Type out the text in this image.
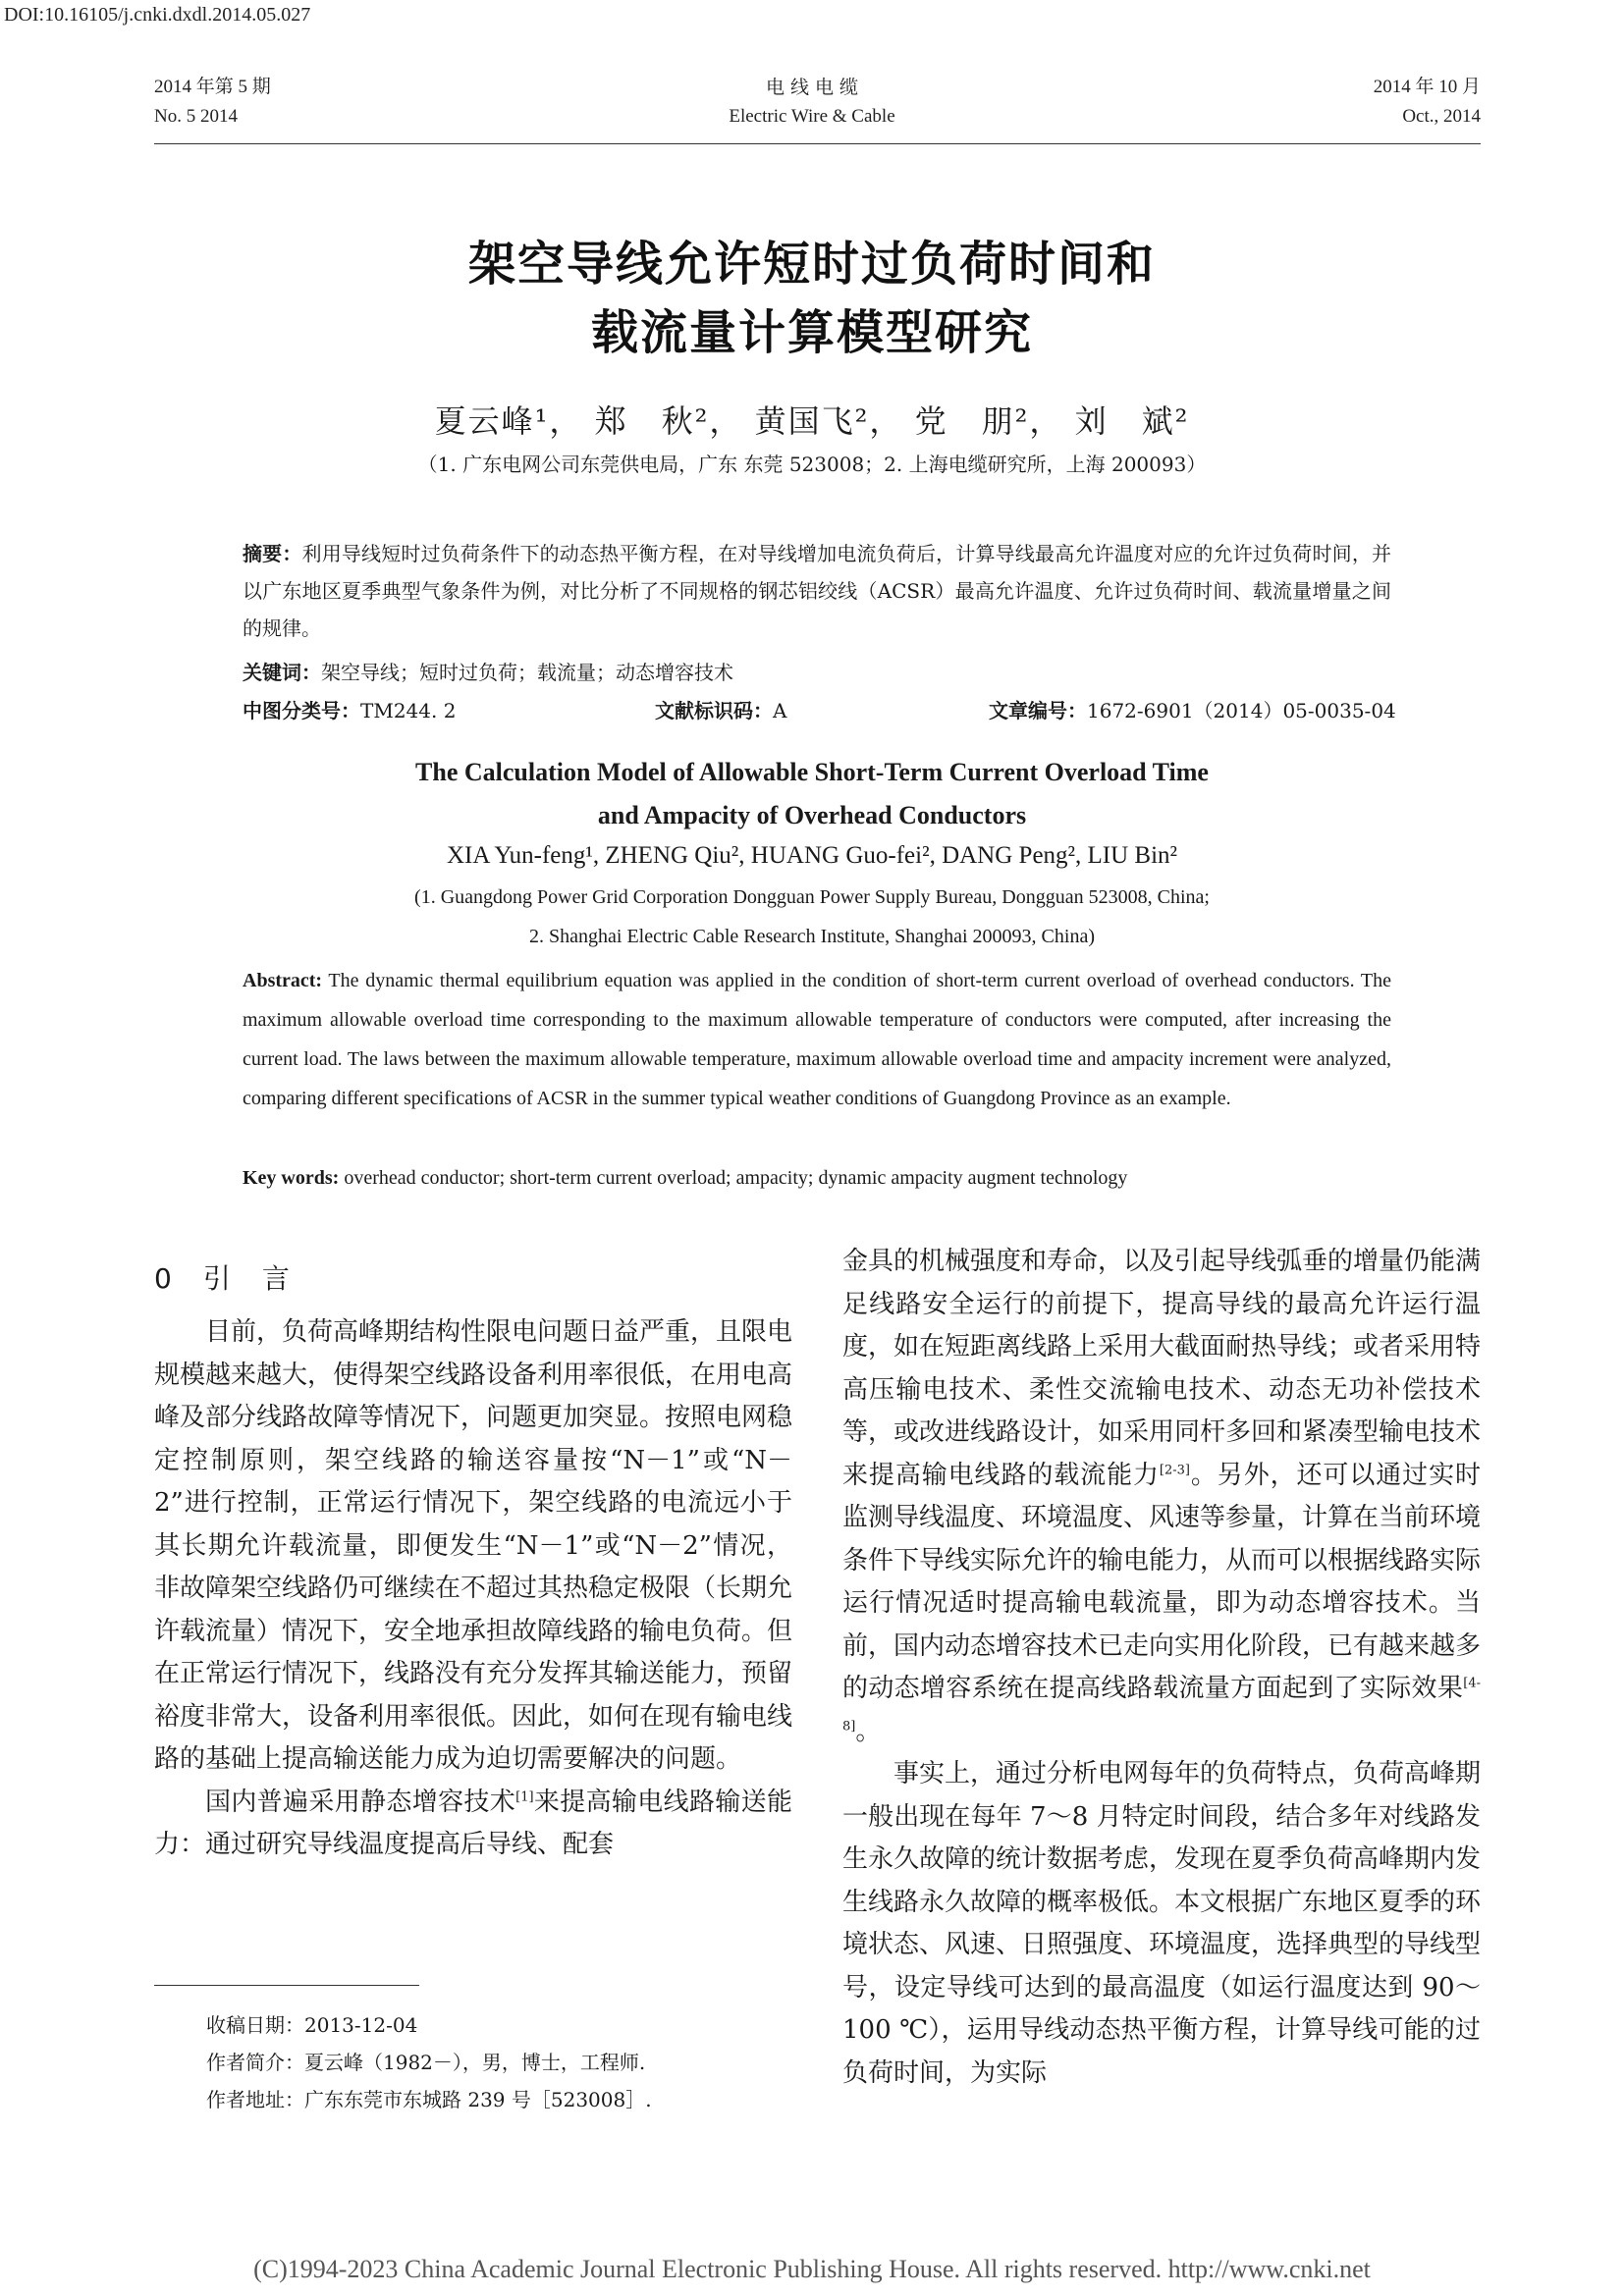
DOI:10.16105/j.cnki.dxdl.2014.05.027
2014 年第 5 期
No. 5 2014
电 线 电 缆
Electric Wire & Cable
2014 年 10 月
Oct., 2014
架空导线允许短时过负荷时间和
载流量计算模型研究
夏云峰¹， 郑　秋²， 黄国飞²， 党　朋²， 刘　斌²
（1. 广东电网公司东莞供电局，广东 东莞 523008；2. 上海电缆研究所，上海 200093）
摘要：利用导线短时过负荷条件下的动态热平衡方程，在对导线增加电流负荷后，计算导线最高允许温度对应的允许过负荷时间，并以广东地区夏季典型气象条件为例，对比分析了不同规格的钢芯铝绞线（ACSR）最高允许温度、允许过负荷时间、载流量增量之间的规律。
关键词：架空导线；短时过负荷；载流量；动态增容技术
中图分类号：TM244. 2	文献标识码：A	文章编号：1672-6901（2014）05-0035-04
The Calculation Model of Allowable Short-Term Current Overload Time
and Ampacity of Overhead Conductors
XIA Yun-feng¹, ZHENG Qiu², HUANG Guo-fei², DANG Peng², LIU Bin²
(1. Guangdong Power Grid Corporation Dongguan Power Supply Bureau, Dongguan 523008, China;
2. Shanghai Electric Cable Research Institute, Shanghai 200093, China)
Abstract: The dynamic thermal equilibrium equation was applied in the condition of short-term current overload of overhead conductors. The maximum allowable overload time corresponding to the maximum allowable temperature of conductors were computed, after increasing the current load. The laws between the maximum allowable temperature, maximum allowable overload time and ampacity increment were analyzed, comparing different specifications of ACSR in the summer typical weather conditions of Guangdong Province as an example.
Key words: overhead conductor; short-term current overload; ampacity; dynamic ampacity augment technology
0　引　言

目前，负荷高峰期结构性限电问题日益严重，且限电规模越来越大，使得架空线路设备利用率很低，在用电高峰及部分线路故障等情况下，问题更加突显。按照电网稳定控制原则，架空线路的输送容量按“N－1”或“N－2”进行控制，正常运行情况下，架空线路的电流远小于其长期允许载流量，即便发生“N－1”或“N－2”情况，非故障架空线路仍可继续在不超过其热稳定极限（长期允许载流量）情况下，安全地承担故障线路的输电负荷。但在正常运行情况下，线路没有充分发挥其输送能力，预留裕度非常大，设备利用率很低。因此，如何在现有输电线路的基础上提高输送能力成为迫切需要解决的问题。

国内普遍采用静态增容技术[1]来提高输电线路输送能力：通过研究导线温度提高后导线、配套

金具的机械强度和寿命，以及引起导线弧垂的增量仍能满足线路安全运行的前提下，提高导线的最高允许运行温度，如在短距离线路上采用大截面耐热导线；或者采用特高压输电技术、柔性交流输电技术、动态无功补偿技术等，或改进线路设计，如采用同杆多回和紧凑型输电技术来提高输电线路的载流能力[2-3]。另外，还可以通过实时监测导线温度、环境温度、风速等参量，计算在当前环境条件下导线实际允许的输电能力，从而可以根据线路实际运行情况适时提高输电载流量，即为动态增容技术。当前，国内动态增容技术已走向实用化阶段，已有越来越多的动态增容系统在提高线路载流量方面起到了实际效果[4-8]。

事实上，通过分析电网每年的负荷特点，负荷高峰期一般出现在每年 7～8 月特定时间段，结合多年对线路发生永久故障的统计数据考虑，发现在夏季负荷高峰期内发生线路永久故障的概率极低。本文根据广东地区夏季的环境状态、风速、日照强度、环境温度，选择典型的导线型号，设定导线可达到的最高温度（如运行温度达到 90～100 ℃），运用导线动态热平衡方程，计算导线可能的过负荷时间，为实际

收稿日期：2013-12-04
作者简介：夏云峰（1982－），男，博士，工程师.
作者地址：广东东莞市东城路 239 号［523008］.
(C)1994-2023 China Academic Journal Electronic Publishing House. All rights reserved. http://www.cnki.net
